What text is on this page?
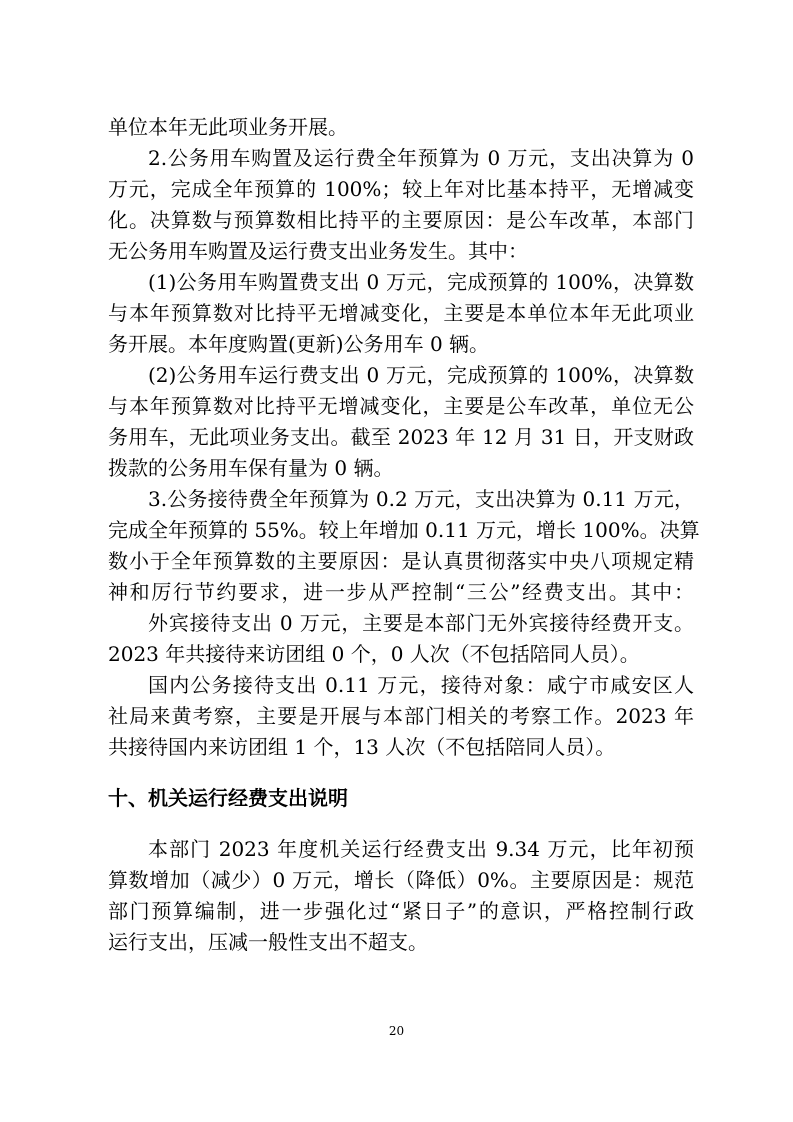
单位本年无此项业务开展。
2.公务用车购置及运行费全年预算为 0 万元，支出决算为 0
万元，完成全年预算的 100%；较上年对比基本持平，无增减变
化。决算数与预算数相比持平的主要原因：是公车改革，本部门
无公务用车购置及运行费支出业务发生。其中：
(1)公务用车购置费支出 0 万元，完成预算的 100%，决算数
与本年预算数对比持平无增减变化，主要是本单位本年无此项业
务开展。本年度购置(更新)公务用车 0 辆。
(2)公务用车运行费支出 0 万元，完成预算的 100%，决算数
与本年预算数对比持平无增减变化，主要是公车改革，单位无公
务用车，无此项业务支出。截至 2023 年 12 月 31 日，开支财政
拨款的公务用车保有量为 0 辆。
3.公务接待费全年预算为 0.2 万元，支出决算为 0.11 万元，
完成全年预算的 55%。较上年增加 0.11 万元，增长 100%。决算
数小于全年预算数的主要原因：是认真贯彻落实中央八项规定精
神和厉行节约要求，进一步从严控制“三公”经费支出。其中：
外宾接待支出 0 万元，主要是本部门无外宾接待经费开支。
2023 年共接待来访团组 0 个，0 人次（不包括陪同人员）。
国内公务接待支出 0.11 万元，接待对象：咸宁市咸安区人
社局来黄考察，主要是开展与本部门相关的考察工作。2023 年
共接待国内来访团组 1 个，13 人次（不包括陪同人员）。
十、机关运行经费支出说明
本部门 2023 年度机关运行经费支出 9.34 万元，比年初预
算数增加（减少）0 万元，增长（降低）0%。主要原因是：规范
部门预算编制，进一步强化过“紧日子”的意识，严格控制行政
运行支出，压减一般性支出不超支。
20
